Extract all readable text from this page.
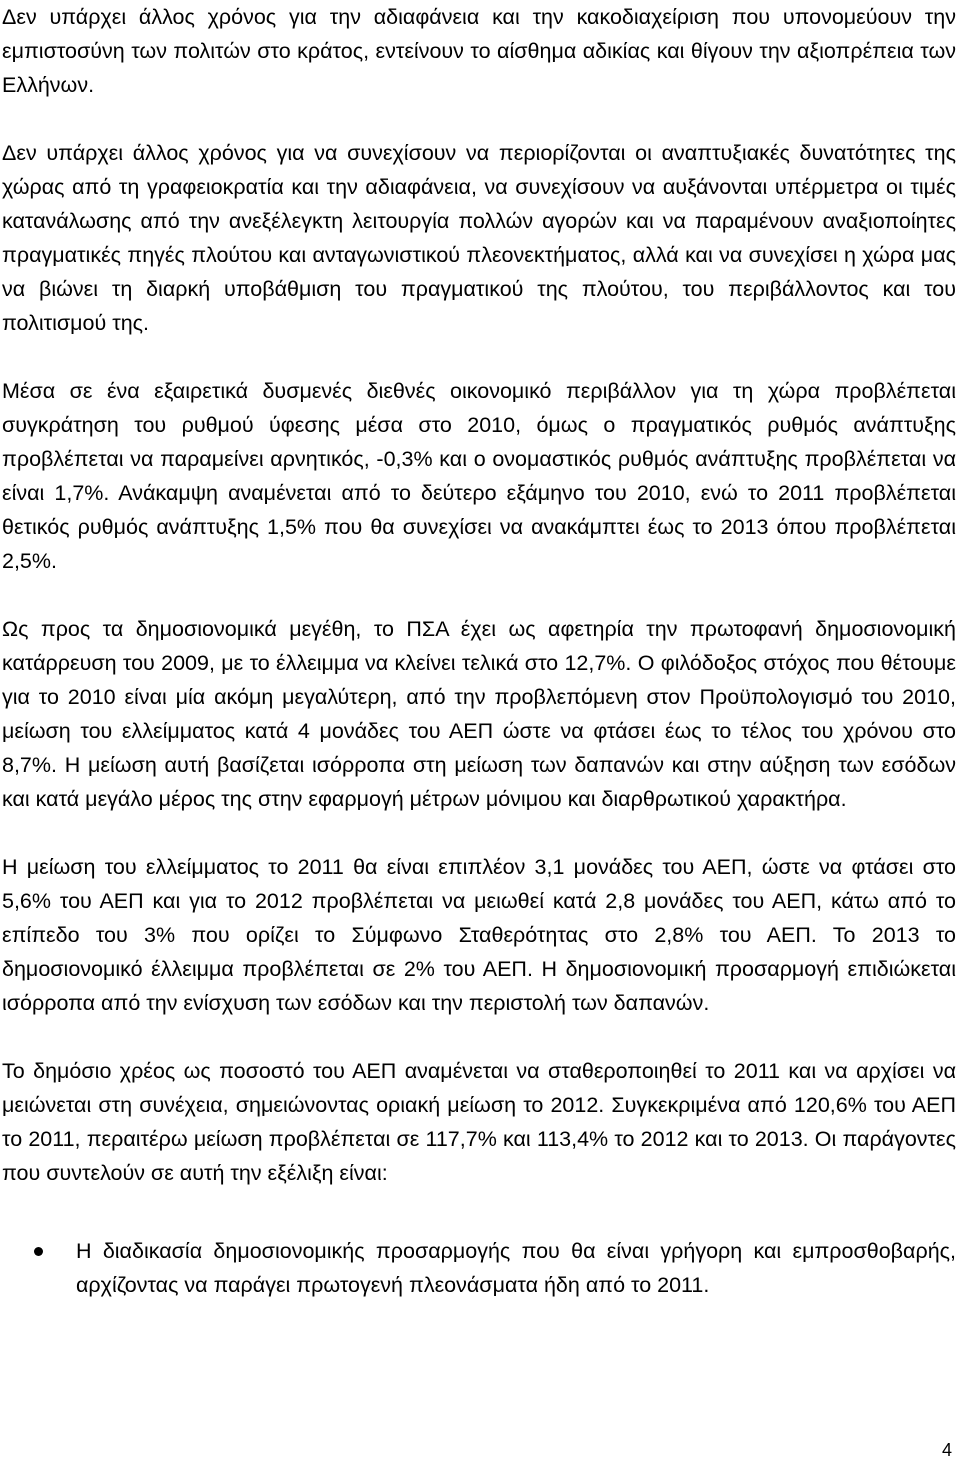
Δεν υπάρχει άλλος χρόνος για την αδιαφάνεια και την κακοδιαχείριση που υπονομεύουν την εμπιστοσύνη των πολιτών στο κράτος, εντείνουν το αίσθημα αδικίας και θίγουν την αξιοπρέπεια των Ελλήνων.

Δεν υπάρχει άλλος χρόνος για να συνεχίσουν να περιορίζονται οι αναπτυξιακές δυνατότητες της χώρας από τη γραφειοκρατία και την αδιαφάνεια, να συνεχίσουν να αυξάνονται υπέρμετρα οι τιμές κατανάλωσης από την ανεξέλεγκτη λειτουργία πολλών αγορών και να παραμένουν αναξιοποίητες πραγματικές πηγές πλούτου και ανταγωνιστικού πλεονεκτήματος, αλλά και να συνεχίσει η χώρα μας να βιώνει τη διαρκή υποβάθμιση του πραγματικού της πλούτου, του περιβάλλοντος και του πολιτισμού της.

Μέσα σε ένα εξαιρετικά δυσμενές διεθνές οικονομικό περιβάλλον για τη χώρα προβλέπεται συγκράτηση του ρυθμού ύφεσης μέσα στο 2010, όμως ο πραγματικός ρυθμός ανάπτυξης προβλέπεται να παραμείνει αρνητικός, -0,3% και ο ονομαστικός ρυθμός ανάπτυξης προβλέπεται να είναι 1,7%. Ανάκαμψη αναμένεται από το δεύτερο εξάμηνο του 2010, ενώ το 2011 προβλέπεται θετικός ρυθμός ανάπτυξης 1,5% που θα συνεχίσει να ανακάμπτει έως το 2013 όπου προβλέπεται 2,5%.

Ως προς τα δημοσιονομικά μεγέθη, το ΠΣΑ έχει ως αφετηρία την πρωτοφανή δημοσιονομική κατάρρευση του 2009, με το έλλειμμα να κλείνει τελικά στο 12,7%. Ο φιλόδοξος στόχος που θέτουμε για το 2010 είναι μία ακόμη μεγαλύτερη, από την προβλεπόμενη στον Προϋπολογισμό του 2010, μείωση του ελλείμματος κατά 4 μονάδες του ΑΕΠ ώστε να φτάσει έως το τέλος του χρόνου στο 8,7%. Η μείωση αυτή βασίζεται ισόρροπα στη μείωση των δαπανών και στην αύξηση των εσόδων και κατά μεγάλο μέρος της στην εφαρμογή μέτρων μόνιμου και διαρθρωτικού χαρακτήρα.

Η μείωση του ελλείμματος το 2011 θα είναι επιπλέον 3,1 μονάδες του ΑΕΠ, ώστε να φτάσει στο 5,6% του ΑΕΠ και για το 2012 προβλέπεται να μειωθεί κατά 2,8 μονάδες του ΑΕΠ, κάτω από το επίπεδο του 3% που ορίζει το Σύμφωνο Σταθερότητας στο 2,8% του ΑΕΠ. Το 2013 το δημοσιονομικό έλλειμμα προβλέπεται σε 2% του ΑΕΠ. Η δημοσιονομική προσαρμογή επιδιώκεται ισόρροπα από την ενίσχυση των εσόδων και την περιστολή των δαπανών.

Το δημόσιο χρέος ως ποσοστό του ΑΕΠ αναμένεται να σταθεροποιηθεί το 2011 και να αρχίσει να μειώνεται στη συνέχεια, σημειώνοντας οριακή μείωση το 2012. Συγκεκριμένα από 120,6% του ΑΕΠ το 2011, περαιτέρω μείωση προβλέπεται σε 117,7% και 113,4% το 2012 και το 2013. Οι παράγοντες που συντελούν σε αυτή την εξέλιξη είναι:

Η διαδικασία δημοσιονομικής προσαρμογής που θα είναι γρήγορη και εμπροσθοβαρής, αρχίζοντας να παράγει πρωτογενή πλεονάσματα ήδη από το 2011.
4
